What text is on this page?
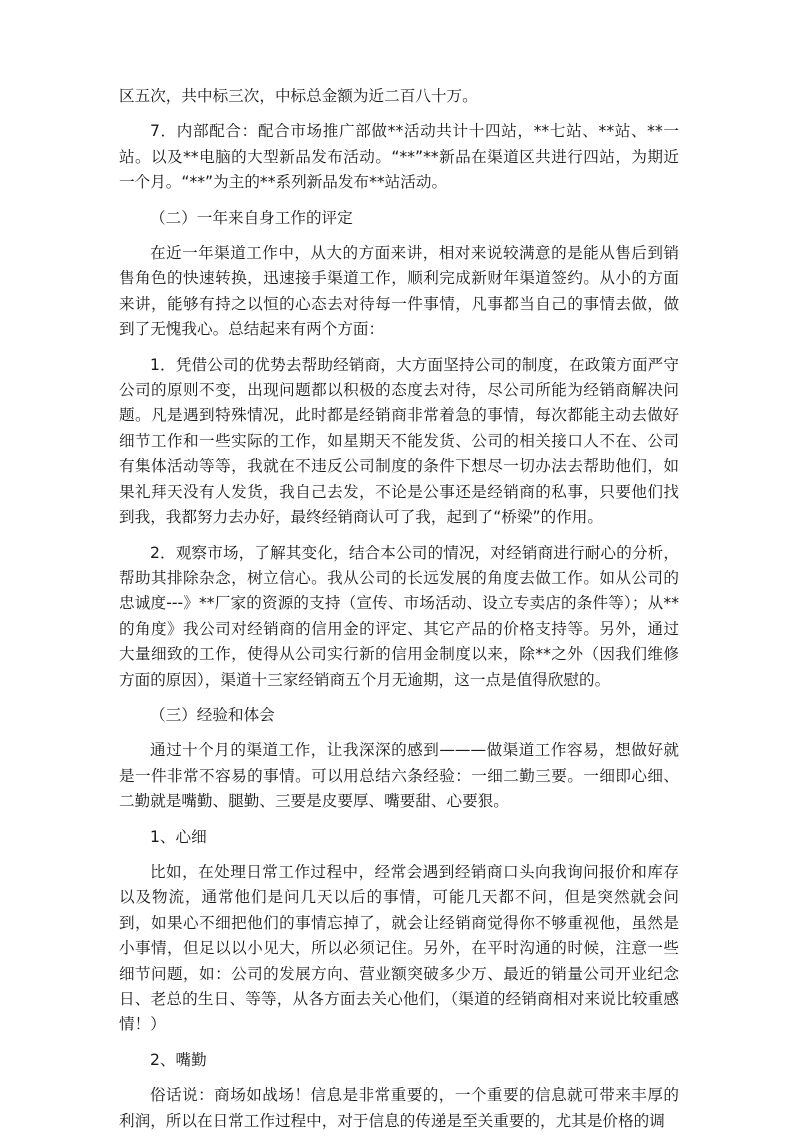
区五次，共中标三次，中标总金额为近二百八十万。

7．内部配合：配合市场推广部做**活动共计十四站，**七站、**站、**一站。以及**电脑的大型新品发布活动。“**”**新品在渠道区共进行四站，为期近一个月。“**”为主的**系列新品发布**站活动。

（二）一年来自身工作的评定

在近一年渠道工作中，从大的方面来讲，相对来说较满意的是能从售后到销售角色的快速转换，迅速接手渠道工作，顺利完成新财年渠道签约。从小的方面来讲，能够有持之以恒的心态去对待每一件事情，凡事都当自己的事情去做，做到了无愧我心。总结起来有两个方面：

1．凭借公司的优势去帮助经销商，大方面坚持公司的制度，在政策方面严守公司的原则不变，出现问题都以积极的态度去对待，尽公司所能为经销商解决问题。凡是遇到特殊情况，此时都是经销商非常着急的事情，每次都能主动去做好细节工作和一些实际的工作，如星期天不能发货、公司的相关接口人不在、公司有集体活动等等，我就在不违反公司制度的条件下想尽一切办法去帮助他们，如果礼拜天没有人发货，我自己去发，不论是公事还是经销商的私事，只要他们找到我，我都努力去办好，最终经销商认可了我，起到了“桥梁”的作用。

2．观察市场，了解其变化，结合本公司的情况，对经销商进行耐心的分析，帮助其排除杂念，树立信心。我从公司的长远发展的角度去做工作。如从公司的忠诚度---》**厂家的资源的支持（宣传、市场活动、设立专卖店的条件等）；从**的角度》我公司对经销商的信用金的评定、其它产品的价格支持等。另外，通过大量细致的工作，使得从公司实行新的信用金制度以来，除**之外（因我们维修方面的原因），渠道十三家经销商五个月无逾期，这一点是值得欣慰的。

（三）经验和体会

通过十个月的渠道工作，让我深深的感到———做渠道工作容易，想做好就是一件非常不容易的事情。可以用总结六条经验：一细二勤三要。一细即心细、二勤就是嘴勤、腿勤、三要是皮要厚、嘴要甜、心要狠。

1、心细

比如，在处理日常工作过程中，经常会遇到经销商口头向我询问报价和库存以及物流，通常他们是问几天以后的事情，可能几天都不问，但是突然就会问到，如果心不细把他们的事情忘掉了，就会让经销商觉得你不够重视他，虽然是小事情，但足以以小见大，所以必须记住。另外，在平时沟通的时候，注意一些细节问题，如：公司的发展方向、营业额突破多少万、最近的销量公司开业纪念日、老总的生日、等等，从各方面去关心他们，（渠道的经销商相对来说比较重感情！）

2、嘴勤

俗话说：商场如战场！信息是非常重要的，一个重要的信息就可带来丰厚的利润，所以在日常工作过程中，对于信息的传递是至关重要的，尤其是价格的调
